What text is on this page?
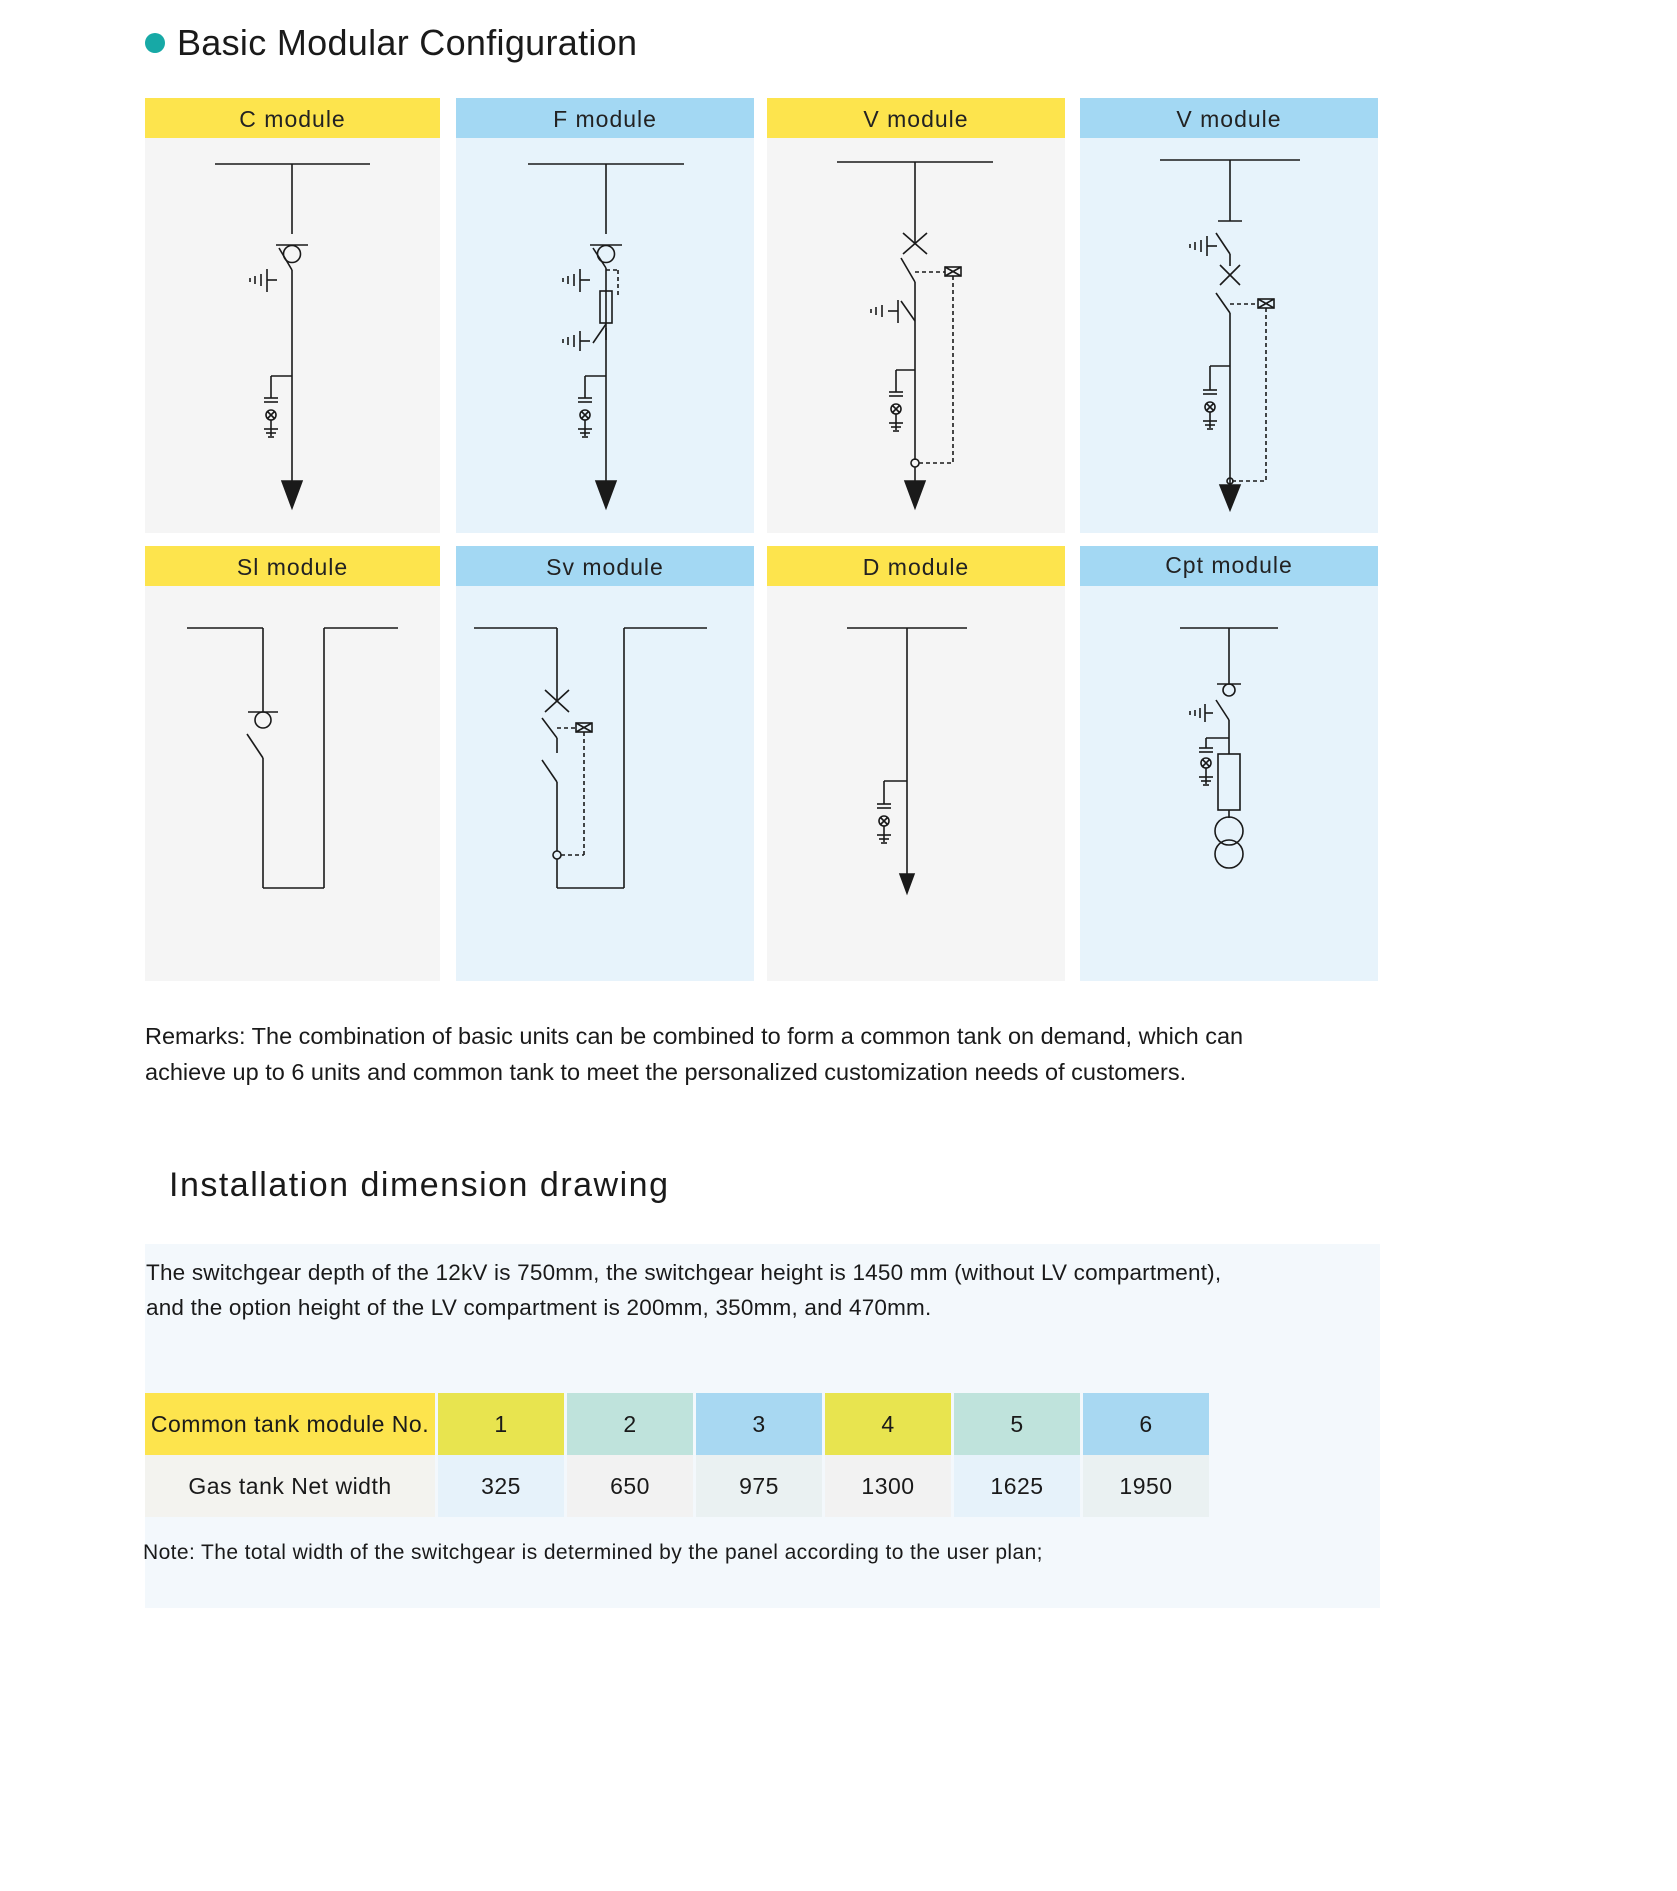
Basic Modular Configuration
C module	F module	V module	V module
Sl module	Sv module	D module	Cpt module
Remarks: The combination of basic units can be combined to form a common tank on demand, which can
achieve up to 6 units and common tank to meet the personalized customization needs of customers.
Installation dimension drawing
The switchgear depth of the 12kV is 750mm, the switchgear height is 1450 mm (without LV compartment),
and the option height of the LV compartment is 200mm, 350mm, and 470mm.
Common tank module No.	1	2	3	4	5	6
Gas tank Net width	325	650	975	1300	1625	1950
Note: The total width of the switchgear is determined by the panel according to the user plan;
